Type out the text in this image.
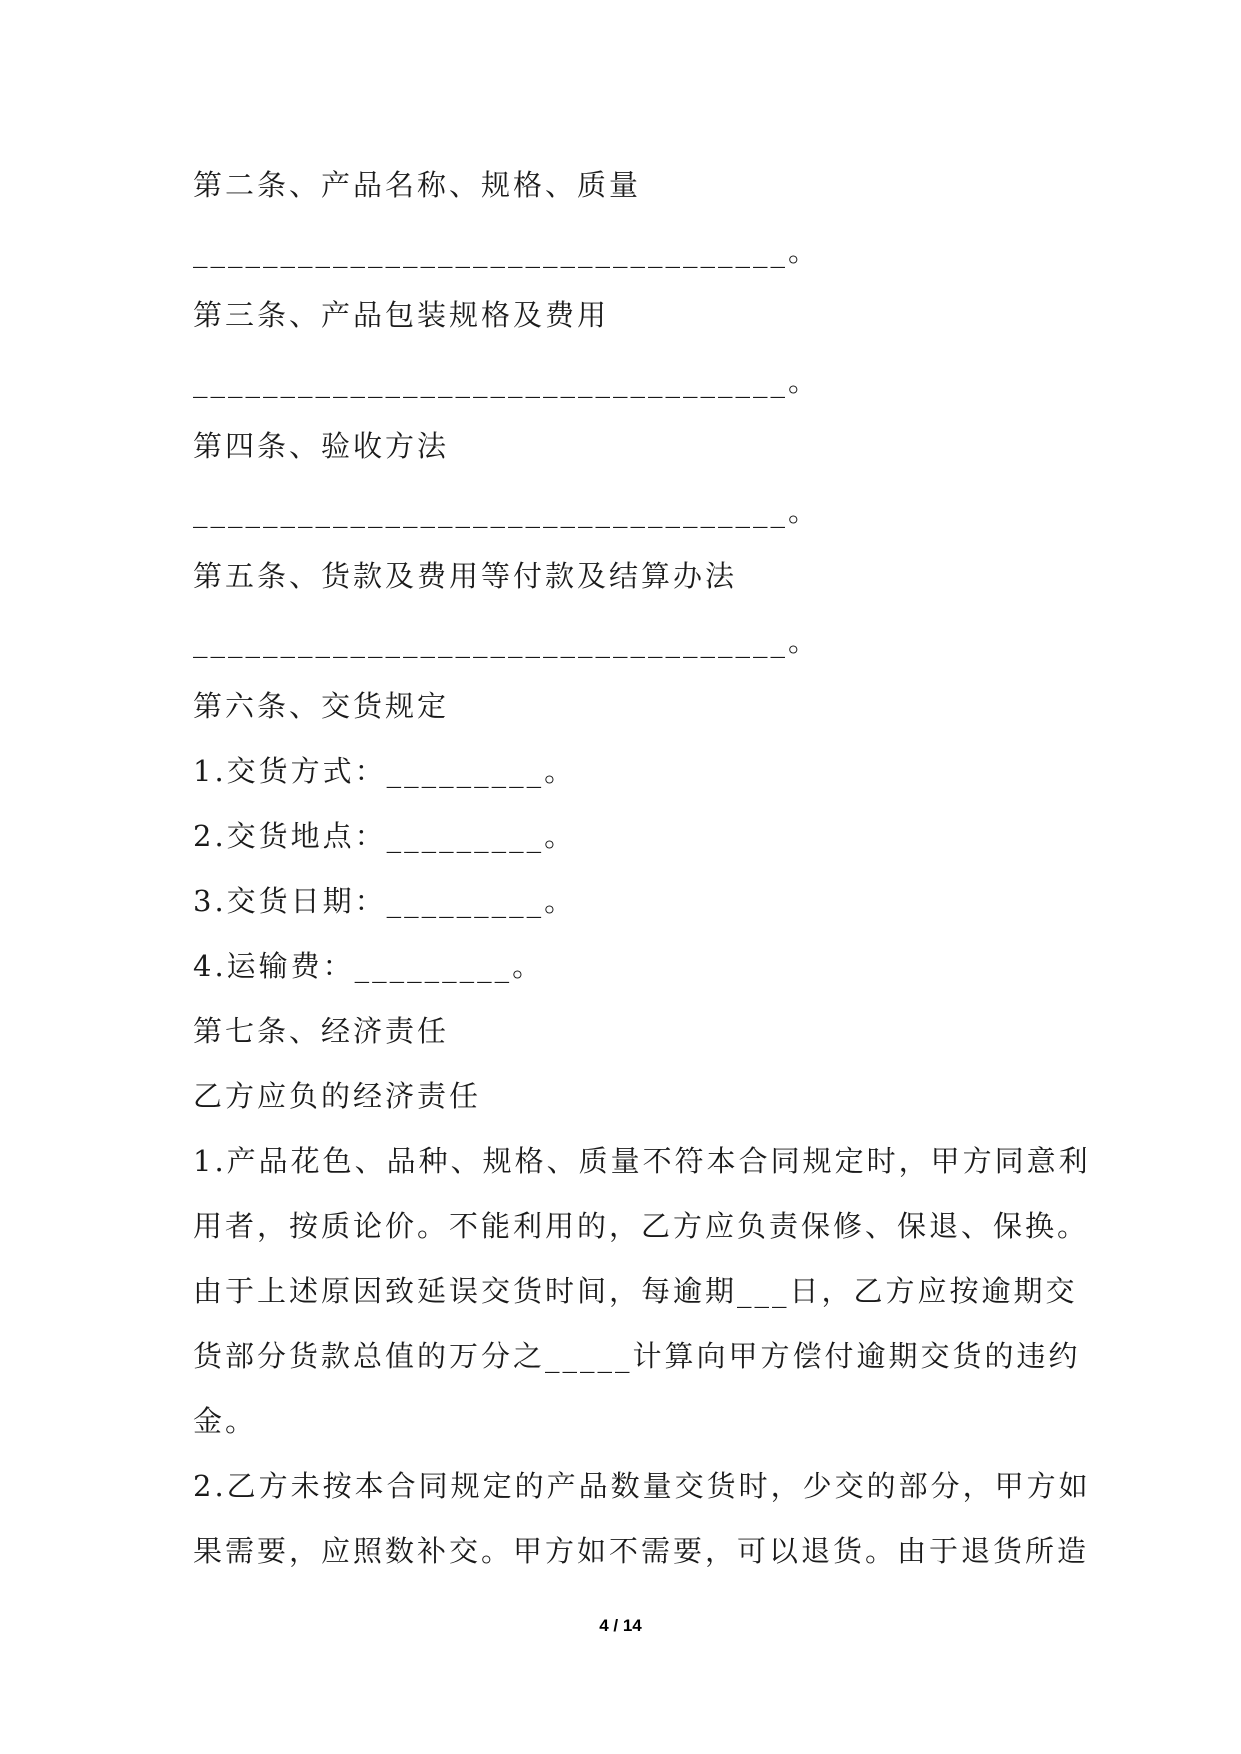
第二条、产品名称、规格、质量
__________________________________。
第三条、产品包装规格及费用
__________________________________。
第四条、验收方法
__________________________________。
第五条、货款及费用等付款及结算办法
__________________________________。
第六条、交货规定
1.交货方式：_________。
2.交货地点：_________。
3.交货日期：_________。
4.运输费：_________。
第七条、经济责任
乙方应负的经济责任
1.产品花色、品种、规格、质量不符本合同规定时，甲方同意利
用者，按质论价。不能利用的，乙方应负责保修、保退、保换。
由于上述原因致延误交货时间，每逾期___日，乙方应按逾期交
货部分货款总值的万分之_____计算向甲方偿付逾期交货的违约
金。
2.乙方未按本合同规定的产品数量交货时，少交的部分，甲方如
果需要，应照数补交。甲方如不需要，可以退货。由于退货所造
4 / 14
